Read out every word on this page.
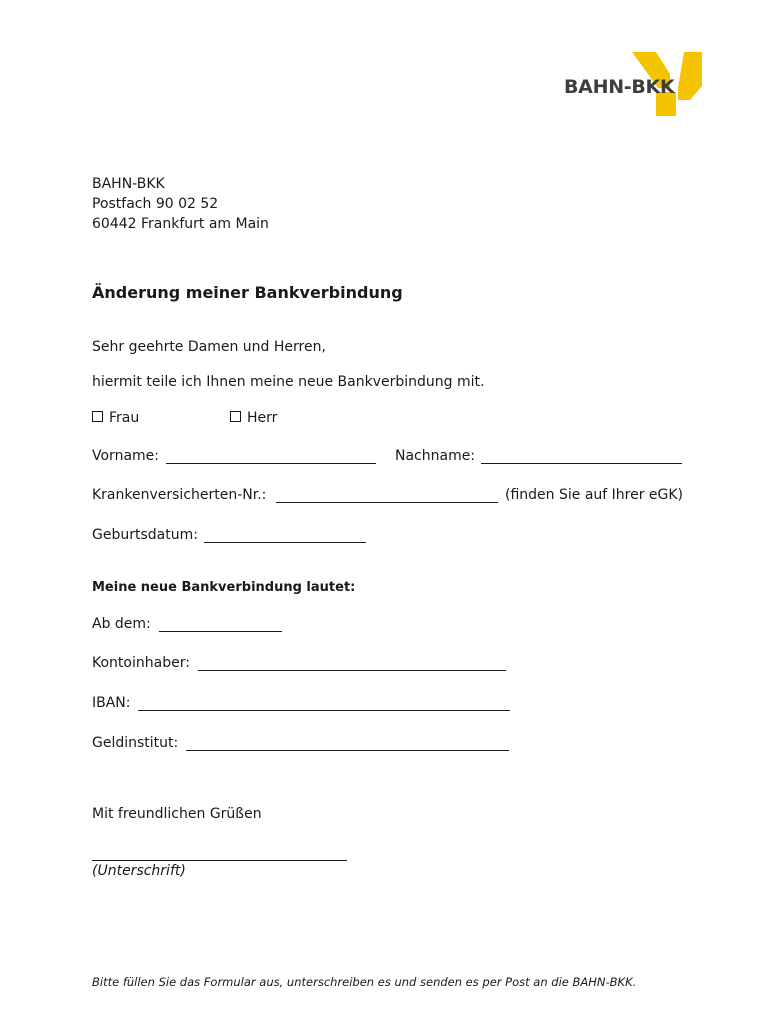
BAHN-BKK
BAHN-BKK
Postfach 90 02 52
60442 Frankfurt am Main
Änderung meiner Bankverbindung
Sehr geehrte Damen und Herren,
hiermit teile ich Ihnen meine neue Bankverbindung mit.
Frau	Herr
Vorname:	Nachname:
Krankenversicherten-Nr.:	(finden Sie auf Ihrer eGK)
Geburtsdatum:
Meine neue Bankverbindung lautet:
Ab dem:
Kontoinhaber:
IBAN:
Geldinstitut:
Mit freundlichen Grüßen
(Unterschrift)
Bitte füllen Sie das Formular aus, unterschreiben es und senden es per Post an die BAHN-BKK.
